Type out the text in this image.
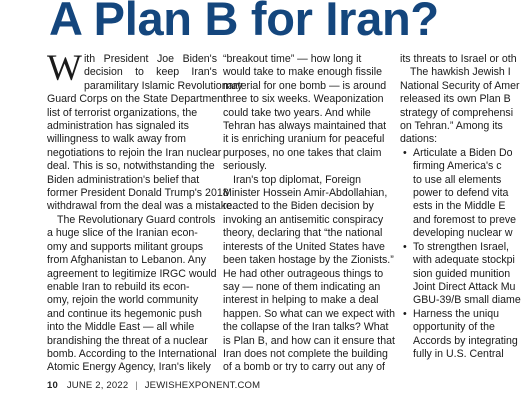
A Plan B for Iran?

W ith President Joe Biden's
decision to keep Iran's
paramilitary Islamic Revolutionary
Guard Corps on the State Department
list of terrorist organizations, the
administration has signaled its
willingness to walk away from
negotiations to rejoin the Iran nuclear
deal. This is so, notwithstanding the
Biden administration's belief that
former President Donald Trump's 2018
withdrawal from the deal was a mistake.

The Revolutionary Guard controls
a huge slice of the Iranian econ-
omy and supports militant groups
from Afghanistan to Lebanon. Any
agreement to legitimize IRGC would
enable Iran to rebuild its econ-
omy, rejoin the world community
and continue its hegemonic push
into the Middle East — all while
brandishing the threat of a nuclear
bomb. According to the International
Atomic Energy Agency, Iran's likely

“breakout time” — how long it
would take to make enough fissile
material for one bomb — is around
three to six weeks. Weaponization
could take two years. And while
Tehran has always maintained that
it is enriching uranium for peaceful
purposes, no one takes that claim
seriously.

Iran's top diplomat, Foreign
Minister Hossein Amir-Abdollahian,
reacted to the Biden decision by
invoking an antisemitic conspiracy
theory, declaring that “the national
interests of the United States have
been taken hostage by the Zionists.”
He had other outrageous things to
say — none of them indicating an
interest in helping to make a deal
happen. So what can we expect with
the collapse of the Iran talks? What
is Plan B, and how can it ensure that
Iran does not complete the building
of a bomb or try to carry out any of

its threats to Israel or oth

The hawkish Jewish I
National Security of Amer
released its own Plan B
strategy of comprehensi
on Tehran.” Among its
dations:

• Articulate a Biden Do
firming America's c
to use all elements
power to defend vita
ests in the Middle E
and foremost to preve
developing nuclear w
• To strengthen Israel,
with adequate stockpi
sion guided munition
Joint Direct Attack Mu
GBU-39/B small diame
• Harness the uniqu
opportunity of the
Accords by integrating
fully in U.S. Central
10 JUNE 2, 2022 | JEWISHEXPONENT.COM
